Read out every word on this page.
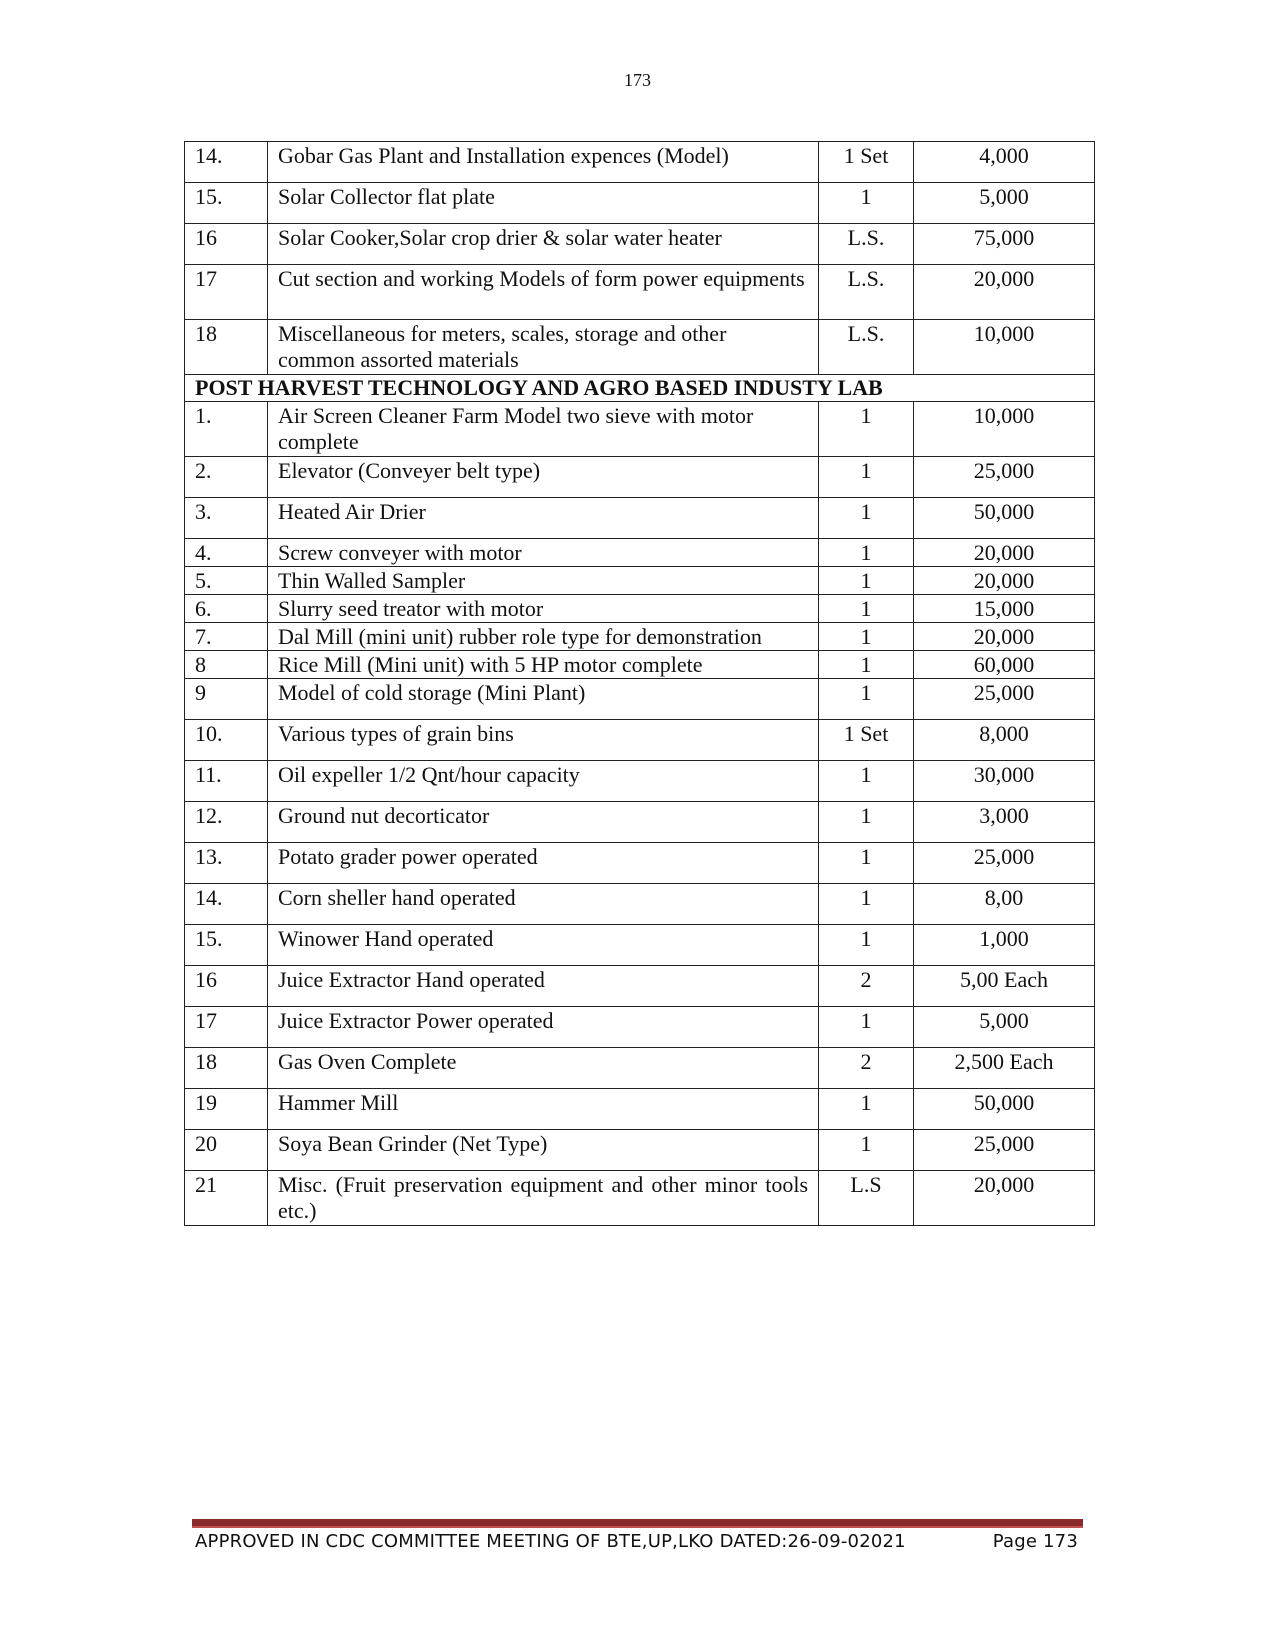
173
14.	Gobar Gas Plant and Installation expences (Model)	1 Set	4,000
15.	Solar Collector flat plate	1	5,000
16	Solar Cooker,Solar crop drier & solar water heater	L.S.	75,000
17	Cut section and working Models of form power equipments	L.S.	20,000
18	Miscellaneous for meters, scales, storage and other common assorted materials	L.S.	10,000
POST HARVEST TECHNOLOGY AND AGRO BASED INDUSTY LAB			
1.	Air Screen Cleaner Farm Model two sieve with motor complete	1	10,000
2.	Elevator (Conveyer belt type)	1	25,000
3.	Heated Air Drier	1	50,000
4.	Screw conveyer with motor	1	20,000
5.	Thin Walled Sampler	1	20,000
6.	Slurry seed treator with motor	1	15,000
7.	Dal Mill (mini unit) rubber role type for demonstration	1	20,000
8	Rice Mill (Mini unit) with 5 HP motor complete	1	60,000
9	Model of cold storage (Mini Plant)	1	25,000
10.	Various types of grain bins	1 Set	8,000
11.	Oil expeller 1/2 Qnt/hour capacity	1	30,000
12.	Ground nut decorticator	1	3,000
13.	Potato grader power operated	1	25,000
14.	Corn sheller hand operated	1	8,00
15.	Winower Hand operated	1	1,000
16	Juice Extractor Hand operated	2	5,00 Each
17	Juice Extractor Power operated	1	5,000
18	Gas Oven Complete	2	2,500 Each
19	Hammer Mill	1	50,000
20	Soya Bean Grinder (Net Type)	1	25,000
21	Misc. (Fruit preservation equipment and other minor tools etc.)	L.S	20,000
APPROVED IN CDC COMMITTEE MEETING OF BTE,UP,LKO DATED:26-09-02021	Page 173
